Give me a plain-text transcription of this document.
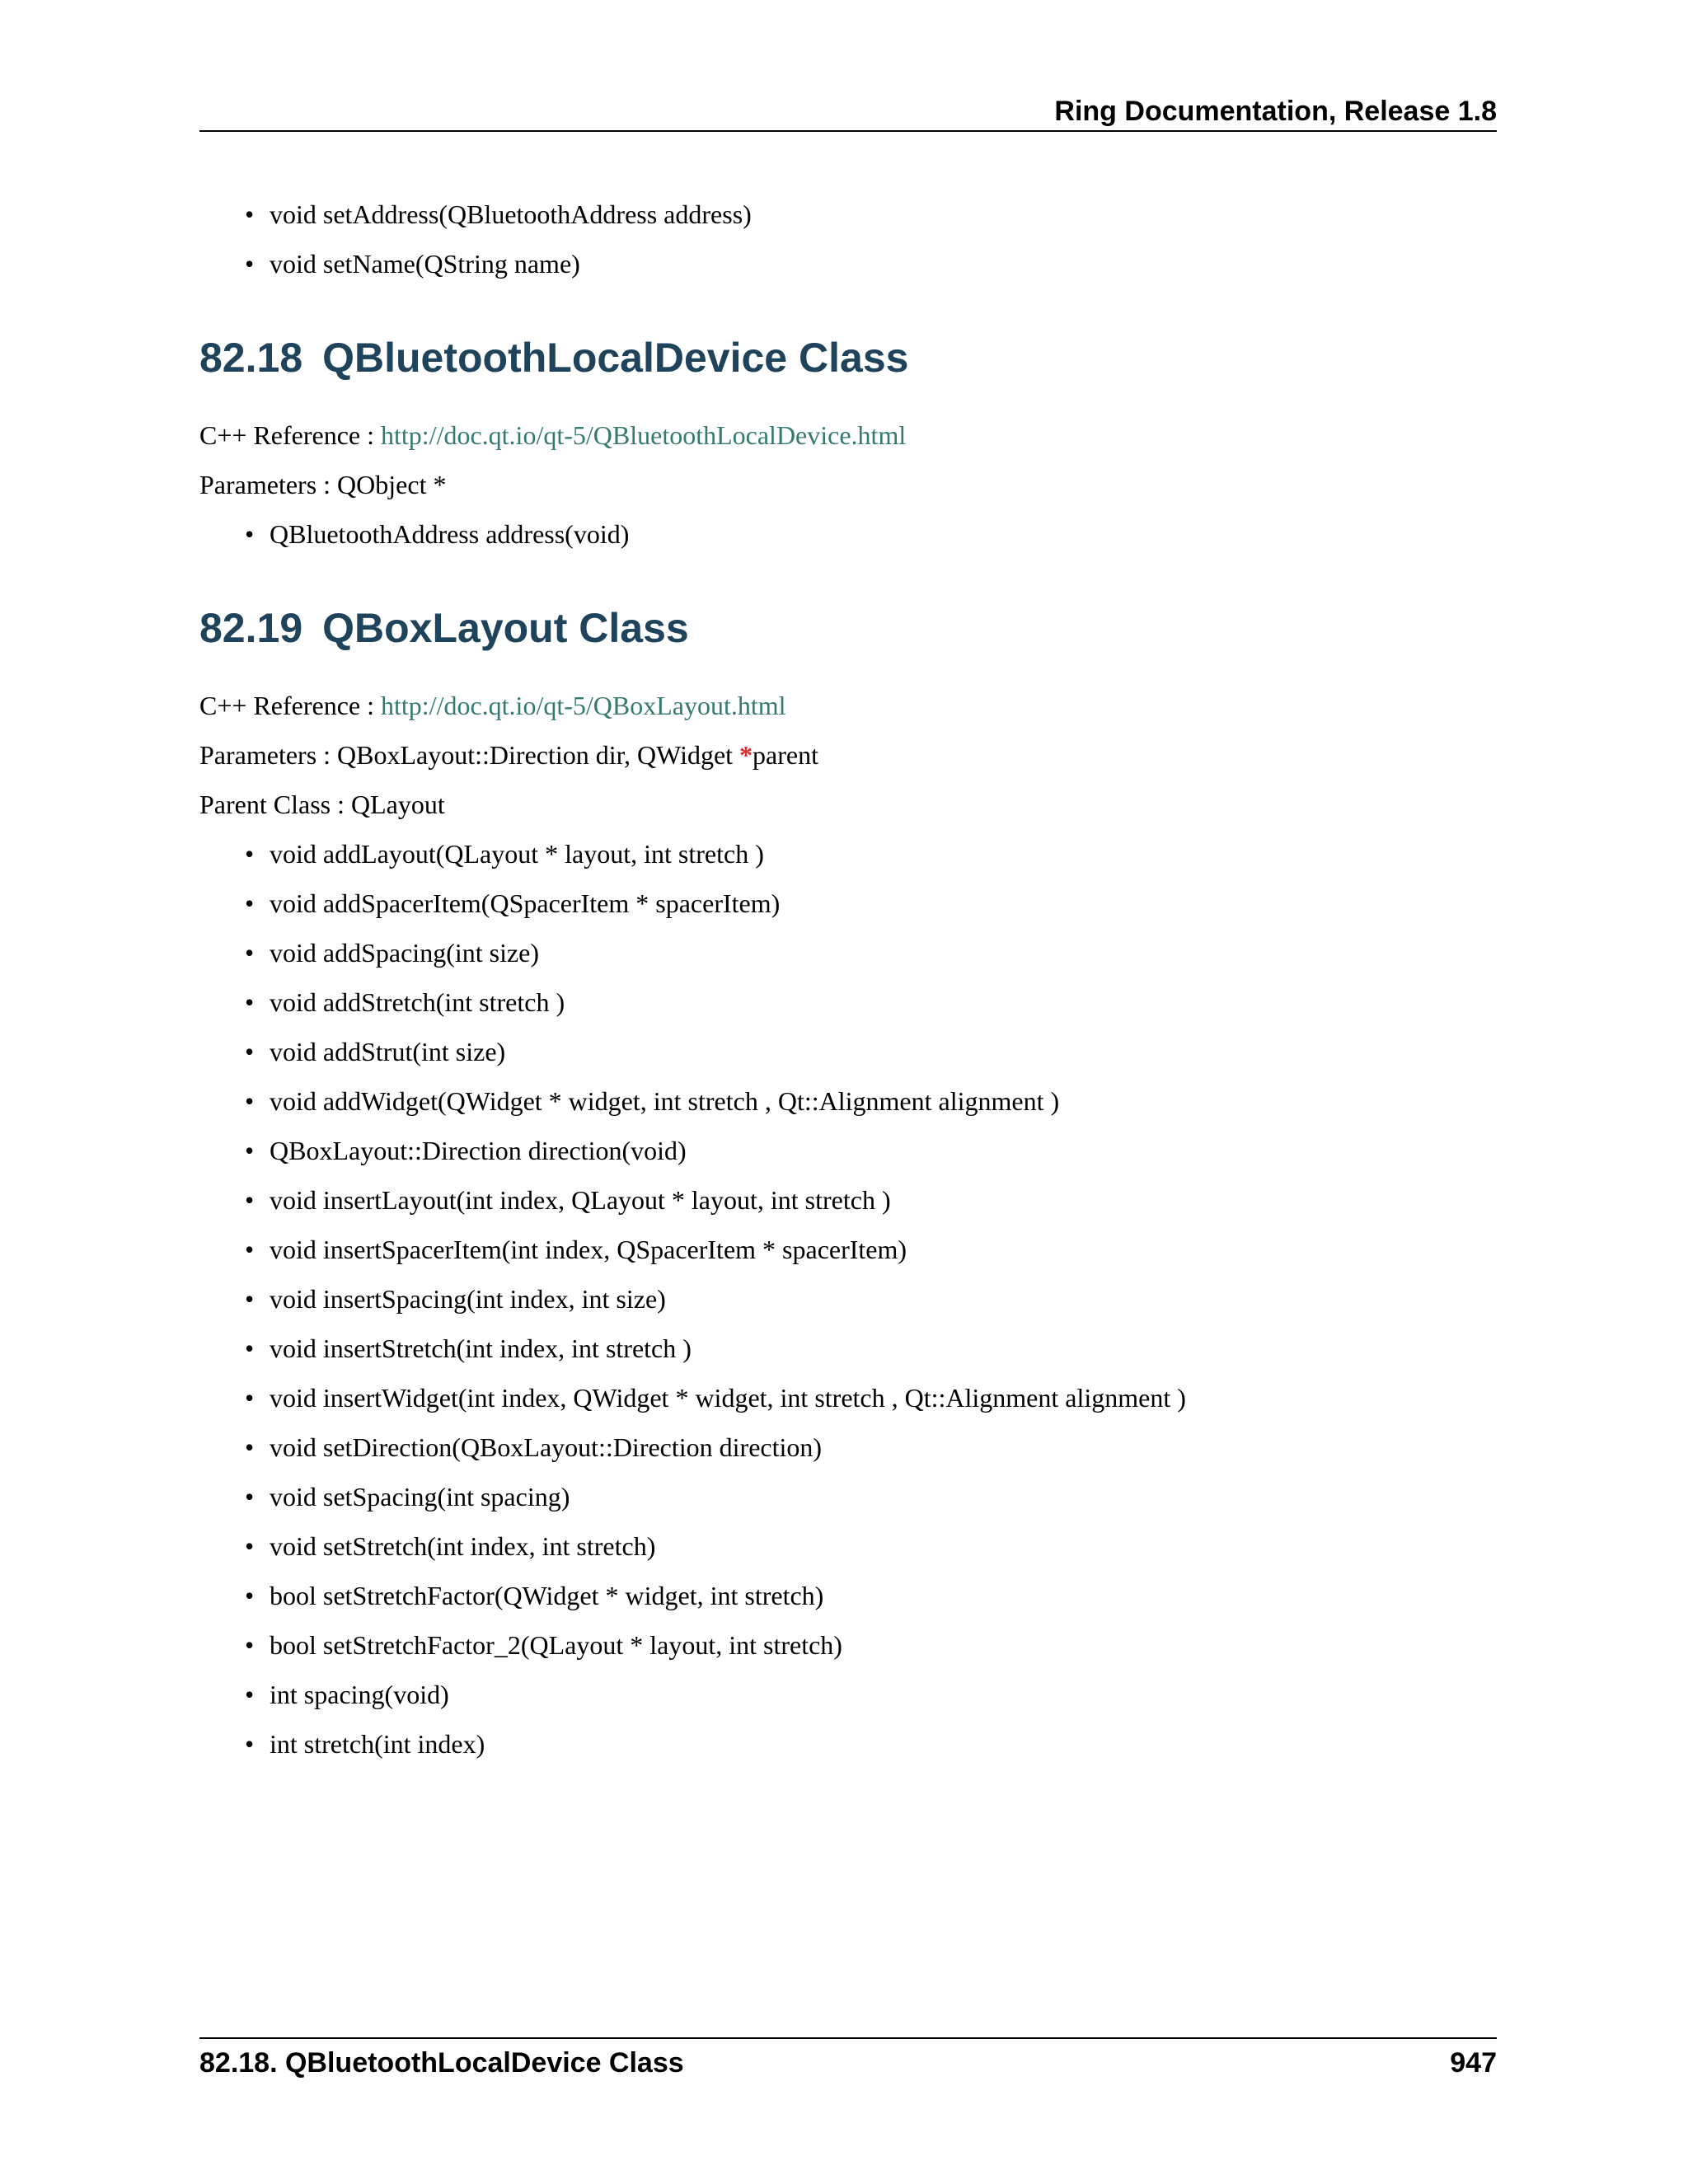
Ring Documentation, Release 1.8
• void setAddress(QBluetoothAddress address)
• void setName(QString name)
82.18 QBluetoothLocalDevice Class
C++ Reference : http://doc.qt.io/qt-5/QBluetoothLocalDevice.html
Parameters : QObject *
• QBluetoothAddress address(void)
82.19 QBoxLayout Class
C++ Reference : http://doc.qt.io/qt-5/QBoxLayout.html
Parameters : QBoxLayout::Direction dir, QWidget *parent
Parent Class : QLayout
• void addLayout(QLayout * layout, int stretch )
• void addSpacerItem(QSpacerItem * spacerItem)
• void addSpacing(int size)
• void addStretch(int stretch )
• void addStrut(int size)
• void addWidget(QWidget * widget, int stretch , Qt::Alignment alignment )
• QBoxLayout::Direction direction(void)
• void insertLayout(int index, QLayout * layout, int stretch )
• void insertSpacerItem(int index, QSpacerItem * spacerItem)
• void insertSpacing(int index, int size)
• void insertStretch(int index, int stretch )
• void insertWidget(int index, QWidget * widget, int stretch , Qt::Alignment alignment )
• void setDirection(QBoxLayout::Direction direction)
• void setSpacing(int spacing)
• void setStretch(int index, int stretch)
• bool setStretchFactor(QWidget * widget, int stretch)
• bool setStretchFactor_2(QLayout * layout, int stretch)
• int spacing(void)
• int stretch(int index)
82.18. QBluetoothLocalDevice Class	947
